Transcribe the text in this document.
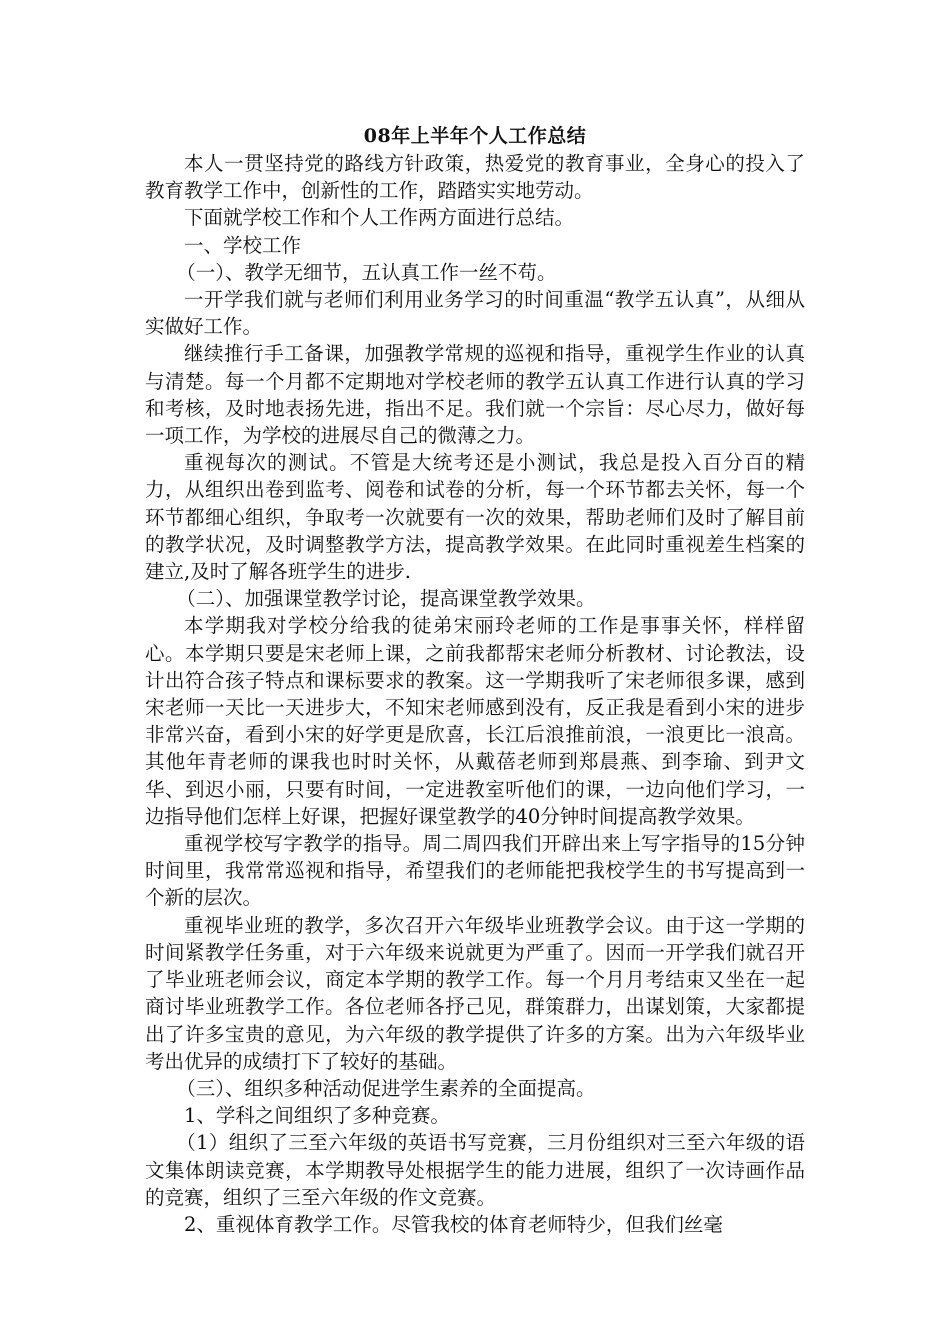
08年上半年个人工作总结

本人一贯坚持党的路线方针政策，热爱党的教育事业，全身心的投入了教育教学工作中，创新性的工作，踏踏实实地劳动。

下面就学校工作和个人工作两方面进行总结。

一、学校工作

（一）、教学无细节，五认真工作一丝不苟。

一开学我们就与老师们利用业务学习的时间重温“教学五认真”，从细从实做好工作。

继续推行手工备课，加强教学常规的巡视和指导，重视学生作业的认真与清楚。每一个月都不定期地对学校老师的教学五认真工作进行认真的学习和考核，及时地表扬先进，指出不足。我们就一个宗旨：尽心尽力，做好每一项工作，为学校的进展尽自己的微薄之力。

重视每次的测试。不管是大统考还是小测试，我总是投入百分百的精力，从组织出卷到监考、阅卷和试卷的分析，每一个环节都去关怀，每一个环节都细心组织，争取考一次就要有一次的效果，帮助老师们及时了解目前的教学状况，及时调整教学方法，提高教学效果。在此同时重视差生档案的建立,及时了解各班学生的进步.

（二）、加强课堂教学讨论，提高课堂教学效果。

本学期我对学校分给我的徒弟宋丽玲老师的工作是事事关怀，样样留心。本学期只要是宋老师上课，之前我都帮宋老师分析教材、讨论教法，设计出符合孩子特点和课标要求的教案。这一学期我听了宋老师很多课，感到宋老师一天比一天进步大，不知宋老师感到没有，反正我是看到小宋的进步非常兴奋，看到小宋的好学更是欣喜，长江后浪推前浪，一浪更比一浪高。其他年青老师的课我也时时关怀，从戴蓓老师到郑晨燕、到李瑜、到尹文华、到迟小丽，只要有时间，一定进教室听他们的课，一边向他们学习，一边指导他们怎样上好课，把握好课堂教学的40分钟时间提高教学效果。

重视学校写字教学的指导。周二周四我们开辟出来上写字指导的15分钟时间里，我常常巡视和指导，希望我们的老师能把我校学生的书写提高到一个新的层次。

重视毕业班的教学，多次召开六年级毕业班教学会议。由于这一学期的时间紧教学任务重，对于六年级来说就更为严重了。因而一开学我们就召开了毕业班老师会议，商定本学期的教学工作。每一个月月考结束又坐在一起商讨毕业班教学工作。各位老师各抒己见，群策群力，出谋划策，大家都提出了许多宝贵的意见，为六年级的教学提供了许多的方案。出为六年级毕业考出优异的成绩打下了较好的基础。

（三）、组织多种活动促进学生素养的全面提高。

1、学科之间组织了多种竞赛。

（1）组织了三至六年级的英语书写竞赛，三月份组织对三至六年级的语文集体朗读竞赛，本学期教导处根据学生的能力进展，组织了一次诗画作品的竞赛，组织了三至六年级的作文竞赛。

2、重视体育教学工作。尽管我校的体育老师特少，但我们丝毫
